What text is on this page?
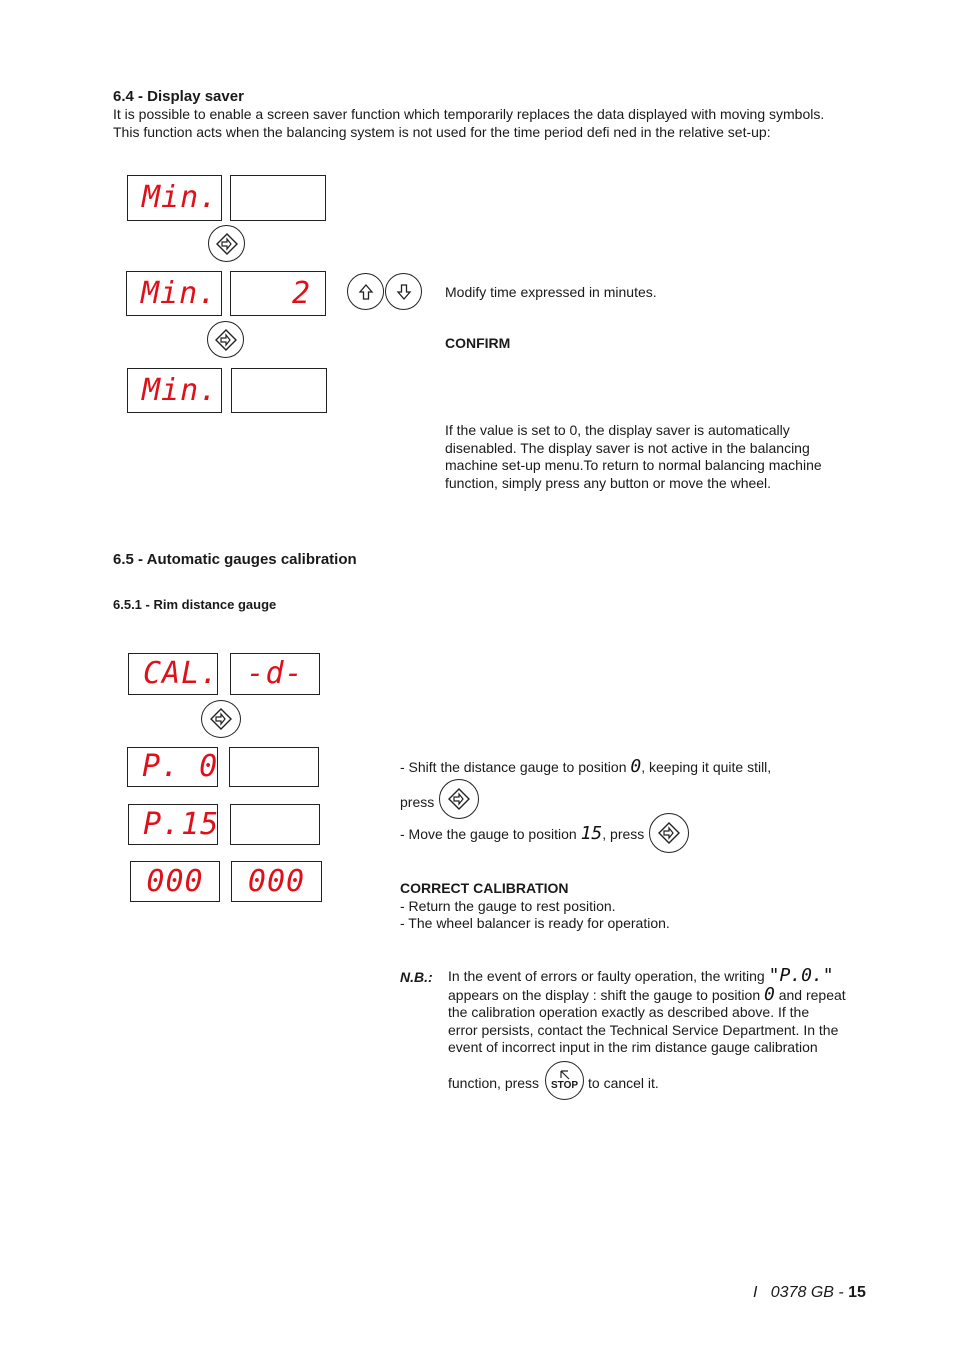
6.4 - Display saver
It is possible to enable a screen saver function which temporarily replaces the data displayed with moving symbols.
This function acts when the balancing system is not used for the time period defi ned in the relative set-up:
Min.
Min. 2	Modify time expressed in minutes.
CONFIRM
Min.
If the value is set to 0, the display saver is automatically
disenabled. The display saver is not active in the balancing
machine set-up menu.To return to normal balancing machine
function, simply press any button or move the wheel.
6.5 - Automatic gauges calibration
6.5.1 - Rim distance gauge
CAL. -d-
P. 0	- Shift the distance gauge to position 0, keeping it quite still,
press
P.15	- Move the gauge to position 15, press
000 000	CORRECT CALIBRATION
- Return the gauge to rest position.
- The wheel balancer is ready for operation.
N.B.: In the event of errors or faulty operation, the writing "P.0."
appears on the display : shift the gauge to position 0 and repeat
the calibration operation exactly as described above. If the
error persists, contact the Technical Service Department. In the
event of incorrect input in the rim distance gauge calibration
function, press STOP to cancel it.
I   0378 GB - 15
